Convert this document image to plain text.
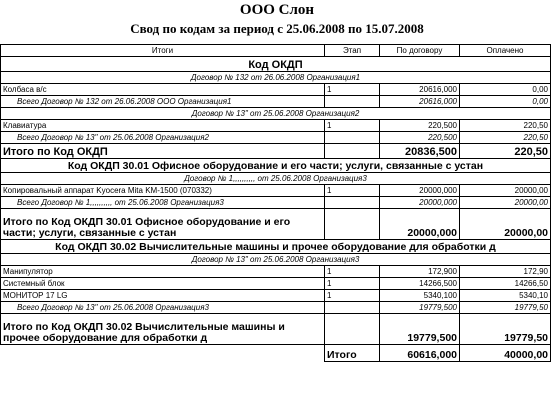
ООО Слон
Свод по кодам за период с 25.06.2008 по 15.07.2008
Итоги	Этап	По договору	Оплачено
Код ОКДП			
Договор № 132 от 26.06.2008 Организация1			
Колбаса в/с	1	20616,000	0,00
Всего Договор № 132 от 26.06.2008 ООО Организация1		20616,000	0,00
Договор № 13" от 25.06.2008 Организация2			
Клавиатура	1	220,500	220,50
Всего Договор № 13" от 25.06.2008 Организация2		220,500	220,50
Итого по Код ОКДП		20836,500	220,50
Код ОКДП 30.01 Офисное оборудование и его части; услуги, связанные с устан			
Договор № 1,,,,,,,,,, от 25.06.2008 Организация3			
Копировальный аппарат Kyocera Mita KM-1500 (070332)	1	20000,000	20000,00
Всего Договор № 1,,,,,,,,,, от 25.06.2008 Организация3		20000,000	20000,00
Итого по Код ОКДП 30.01 Офисное оборудование и его части; услуги, связанные с устан		20000,000	20000,00
Код ОКДП 30.02 Вычислительные машины и прочее оборудование для обработки д			
Договор № 13" от 25.06.2008 Организация3			
Манипулятор	1	172,900	172,90
Системный блок	1	14266,500	14266,50
МОНИТОР 17 LG	1	5340,100	5340,10
Всего Договор № 13" от 25.06.2008 Организация3		19779,500	19779,50
Итого по Код ОКДП 30.02 Вычислительные машины и прочее оборудование для обработки д		19779,500	19779,50
	Итого	60616,000	40000,00
